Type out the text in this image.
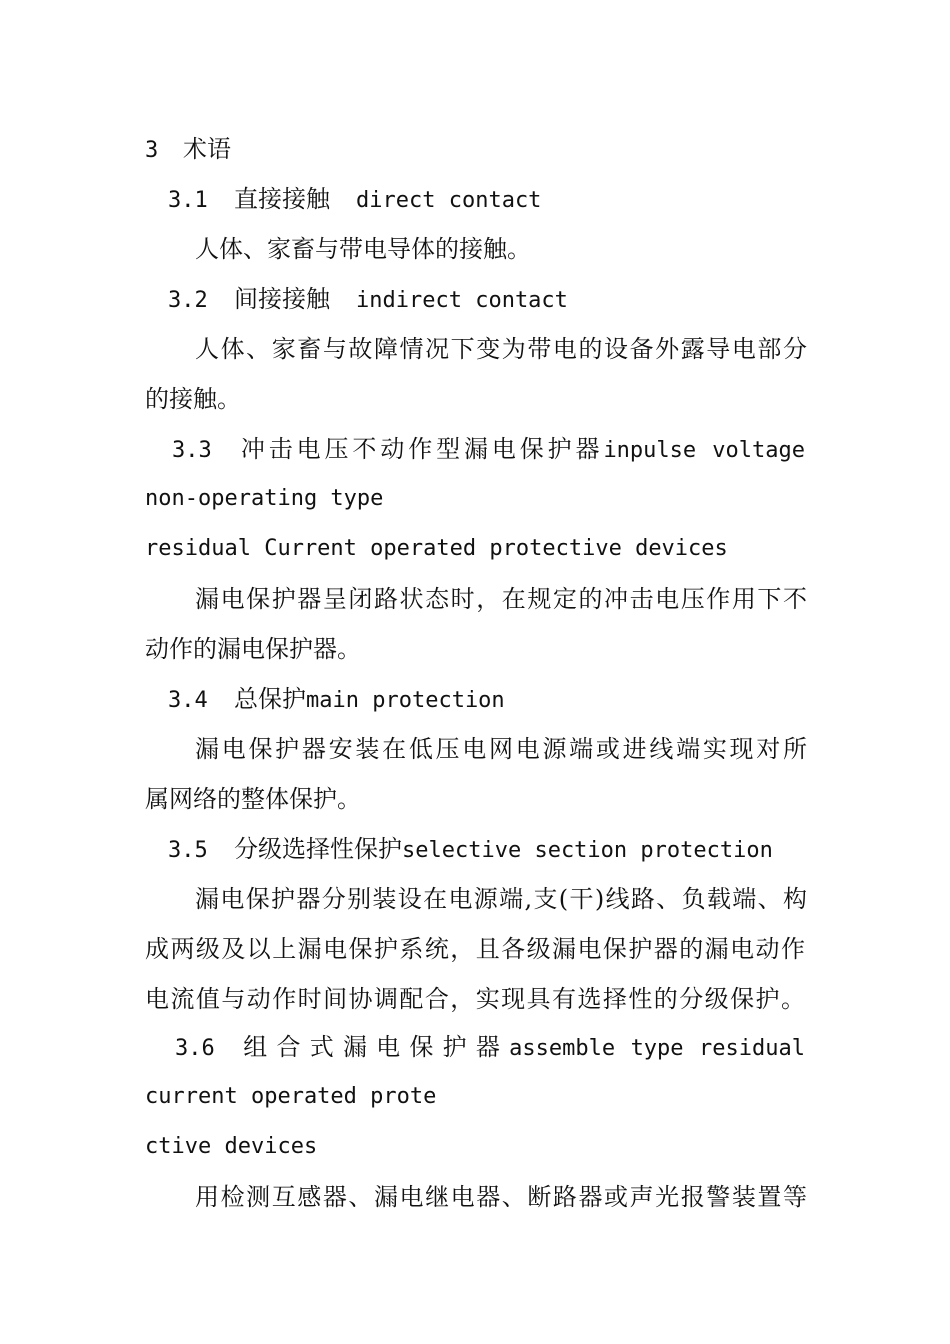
3 术语
3.1 直接接触 direct contact
人体、家畜与带电导体的接触。
3.2 间接接触 indirect contact
人体、家畜与故障情况下变为带电的设备外露导电部分
的接触。
3.3 冲击电压不动作型漏电保护器inpulse voltage
non-operating type
residual Current operated protective devices
漏电保护器呈闭路状态时，在规定的冲击电压作用下不
动作的漏电保护器。
3.4 总保护main protection
漏电保护器安装在低压电网电源端或进线端实现对所
属网络的整体保护。
3.5 分级选择性保护selective section protection
漏电保护器分别装设在电源端,支(干)线路、负载端、构
成两级及以上漏电保护系统，且各级漏电保护器的漏电动作
电流值与动作时间协调配合，实现具有选择性的分级保护。
3.6 组合式漏电保护器assemble type residual
current operated prote
ctive devices
用检测互感器、漏电继电器、断路器或声光报警装置等
